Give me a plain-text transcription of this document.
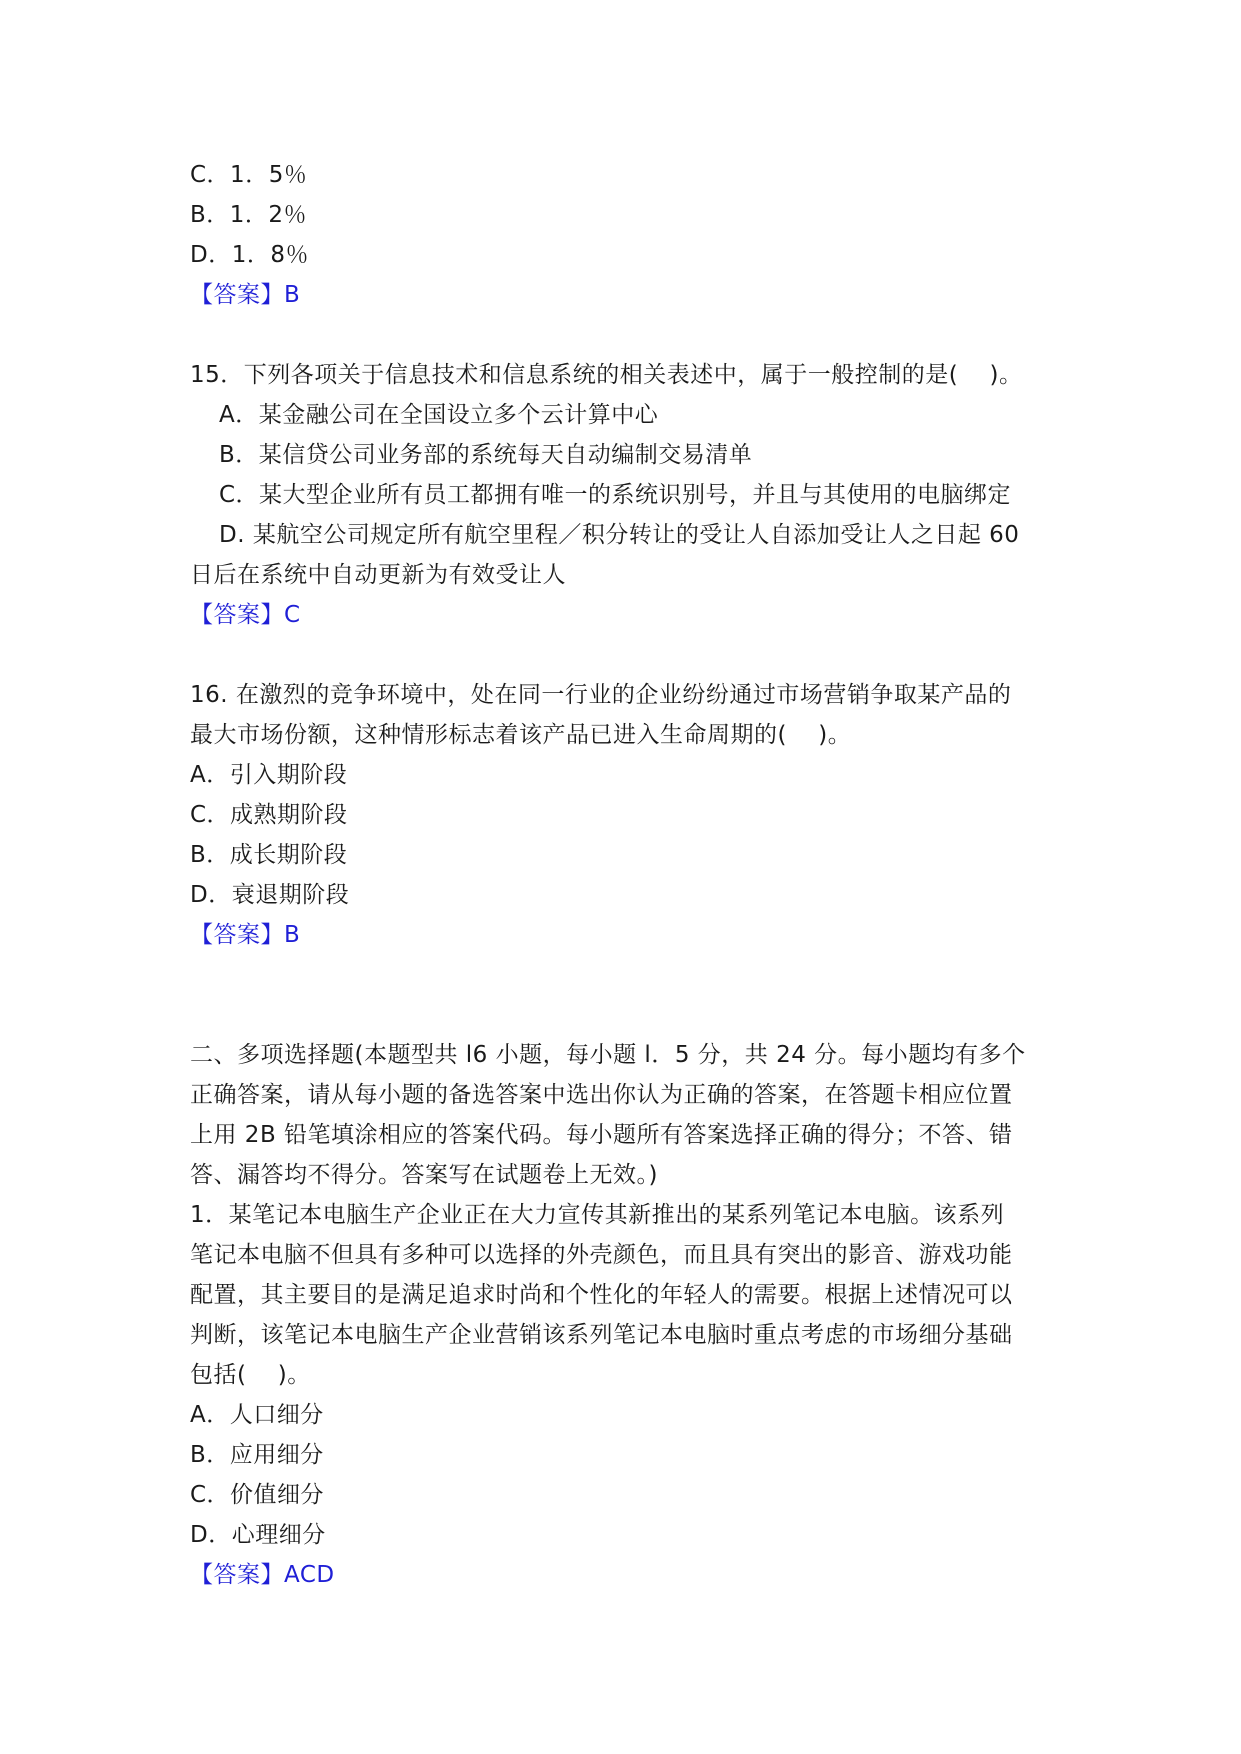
C．1．5％
B．1．2％
D．1．8％
【答案】B
15．下列各项关于信息技术和信息系统的相关表述中，属于一般控制的是(　 )。
A．某金融公司在全国设立多个云计算中心
B．某信贷公司业务部的系统每天自动编制交易清单
C．某大型企业所有员工都拥有唯一的系统识别号，并且与其使用的电脑绑定
D. 某航空公司规定所有航空里程／积分转让的受让人自添加受让人之日起 60
日后在系统中自动更新为有效受让人
【答案】C
16. 在激烈的竞争环境中，处在同一行业的企业纷纷通过市场营销争取某产品的
最大市场份额，这种情形标志着该产品已进入生命周期的(　 )。
A．引入期阶段
C．成熟期阶段
B．成长期阶段
D．衰退期阶段
【答案】B
二、多项选择题(本题型共 l6 小题，每小题 l．5 分，共 24 分。每小题均有多个
正确答案，请从每小题的备选答案中选出你认为正确的答案，在答题卡相应位置
上用 2B 铅笔填涂相应的答案代码。每小题所有答案选择正确的得分；不答、错
答、漏答均不得分。答案写在试题卷上无效。)
1．某笔记本电脑生产企业正在大力宣传其新推出的某系列笔记本电脑。该系列
笔记本电脑不但具有多种可以选择的外壳颜色，而且具有突出的影音、游戏功能
配置，其主要目的是满足追求时尚和个性化的年轻人的需要。根据上述情况可以
判断，该笔记本电脑生产企业营销该系列笔记本电脑时重点考虑的市场细分基础
包括(　 )。
A．人口细分
B．应用细分
C．价值细分
D．心理细分
【答案】ACD
